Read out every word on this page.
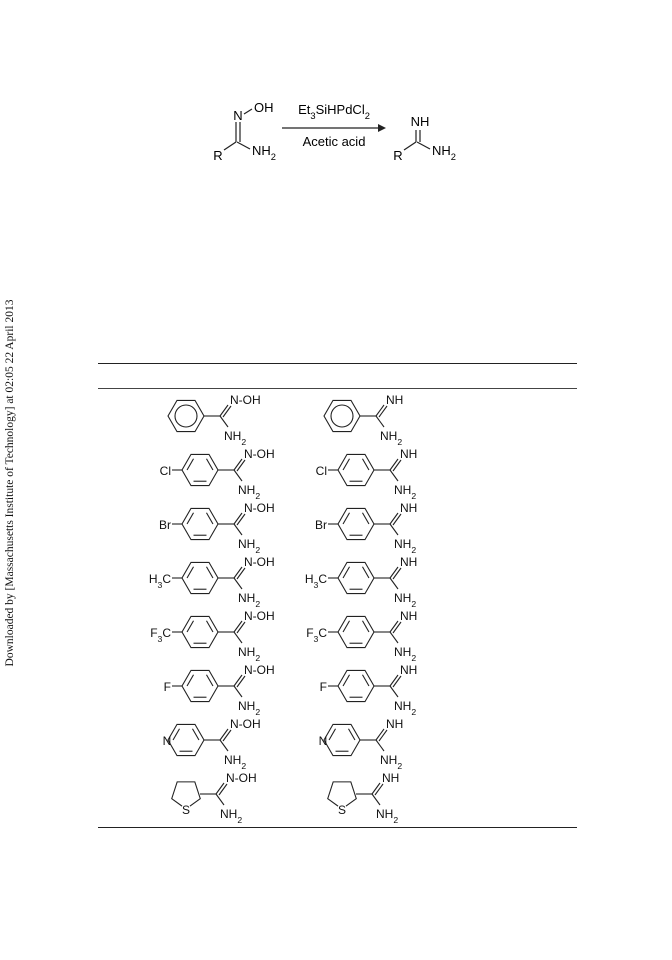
Downloaded by [Massachusetts Institute of Technology] at 02:05 22 April 2013
R
N
OH
$NH_2$
$Et_3SiHPdCl_2$
Acetic acid
R
NH
$NH_2$
N-OH
$NH_2$
NH
$NH_2$
Cl
N-OH
$NH_2$
Cl
NH
$NH_2$
Br
N-OH
$NH_2$
Br
NH
$NH_2$
$H_3C$
N-OH
$NH_2$
$H_3C$
NH
$NH_2$
$F_3C$
N-OH
$NH_2$
$F_3C$
NH
$NH_2$
F
N-OH
$NH_2$
F
NH
$NH_2$
N
N-OH
$NH_2$
N
NH
$NH_2$
S
N-OH
$NH_2$
S
NH
$NH_2$
